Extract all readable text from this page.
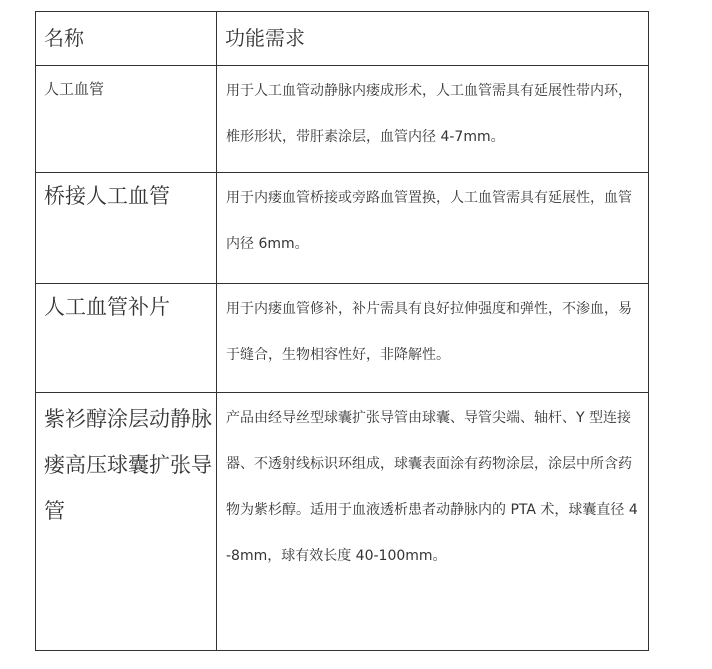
名称	功能需求

人工血管	用于人工血管动静脉内瘘成形术，人工血管需具有延展性带内环，椎形形状，带肝素涂层，血管内径 4-7mm。

桥接人工血管	用于内瘘血管桥接或旁路血管置换，人工血管需具有延展性，血管内径 6mm。

人工血管补片	用于内瘘血管修补，补片需具有良好拉伸强度和弹性，不渗血，易于缝合，生物相容性好，非降解性。

紫衫醇涂层动静脉瘘高压球囊扩张导管	产品由经导丝型球囊扩张导管由球囊、导管尖端、轴杆、Y 型连接器、不透射线标识环组成，球囊表面涂有药物涂层，涂层中所含药物为紫杉醇。适用于血液透析患者动静脉内的 PTA 术，球囊直径 4-8mm，球有效长度 40-100mm。
